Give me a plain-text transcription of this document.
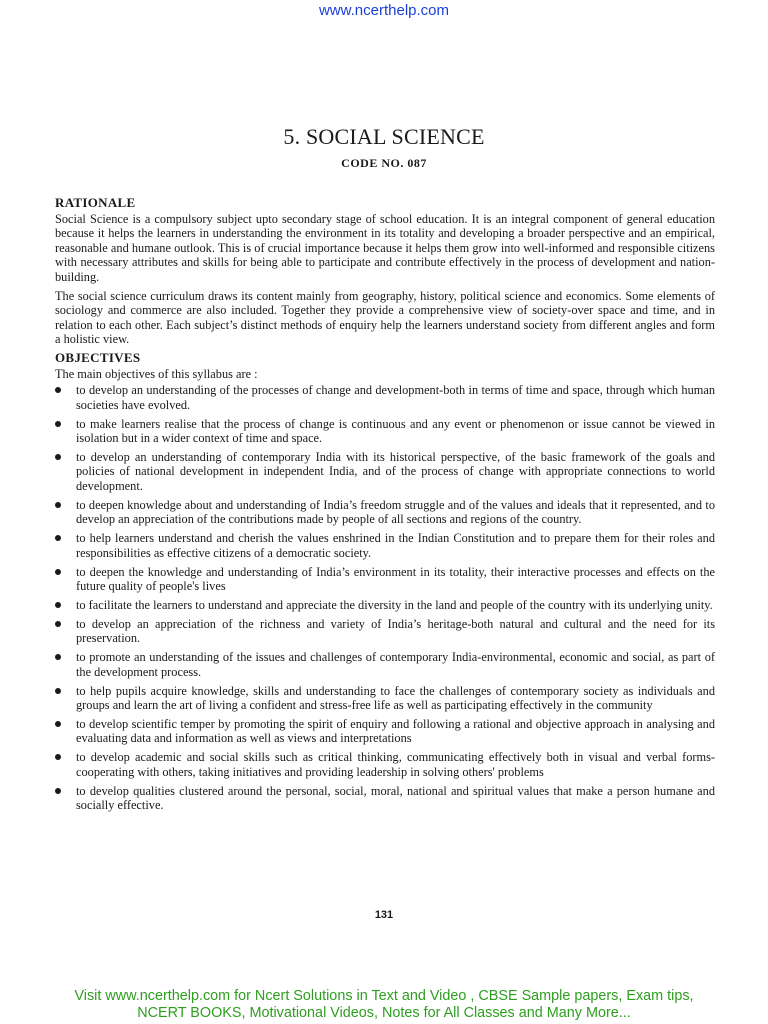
www.ncerthelp.com
5. SOCIAL SCIENCE
CODE NO. 087
RATIONALE

Social Science is a compulsory subject upto secondary stage of school education. It is an integral component of general education because it helps the learners in understanding the environment in its totality and developing a broader perspective and an empirical, reasonable and humane outlook. This is of crucial importance because it helps them grow into well-informed and responsible citizens with necessary attributes and skills for being able to participate and contribute effectively in the process of development and nation-building.

The social science curriculum draws its content mainly from geography, history, political science and economics. Some elements of sociology and commerce are also included. Together they provide a comprehensive view of society-over space and time, and in relation to each other. Each subject’s distinct methods of enquiry help the learners understand society from different angles and form a holistic view.

OBJECTIVES

The main objectives of this syllabus are :

to develop an understanding of the processes of change and development-both in terms of time and space, through which human societies have evolved.
to make learners realise that the process of change is continuous and any event or phenomenon or issue cannot be viewed in isolation but in a wider context of time and space.
to develop an understanding of contemporary India with its historical perspective, of the basic framework of the goals and policies of national development in independent India, and of the process of change with appropriate connections to world development.
to deepen knowledge about and understanding of India’s freedom struggle and of the values and ideals that it represented, and to develop an appreciation of the contributions made by people of all sections and regions of the country.
to help learners understand and cherish the values enshrined in the Indian Constitution and to prepare them for their roles and responsibilities as effective citizens of a democratic society.
to deepen the knowledge and understanding of India’s environment in its totality, their interactive processes and effects on the future quality of people's lives
to facilitate the learners to understand and appreciate the diversity in the land and people of the country with its underlying unity.
to develop an appreciation of the richness and variety of India’s heritage-both natural and cultural and the need for its preservation.
to promote an understanding of the issues and challenges of contemporary India-environmental, economic and social, as part of the development process.
to help pupils acquire knowledge, skills and understanding to face the challenges of contemporary society as individuals and groups and learn the art of living a confident and stress-free life as well as participating effectively in the community
to develop scientific temper by promoting the spirit of enquiry and following a rational and objective approach in analysing and evaluating data and information as well as views and interpretations
to develop academic and social skills such as critical thinking, communicating effectively both in visual and verbal forms- cooperating with others, taking initiatives and providing leadership in solving others' problems
to develop qualities clustered around the personal, social, moral, national and spiritual values that make a person humane and socially effective.
131
Visit www.ncerthelp.com for Ncert Solutions in Text and Video , CBSE Sample papers, Exam tips,
NCERT BOOKS, Motivational Videos, Notes for All Classes and Many More...
